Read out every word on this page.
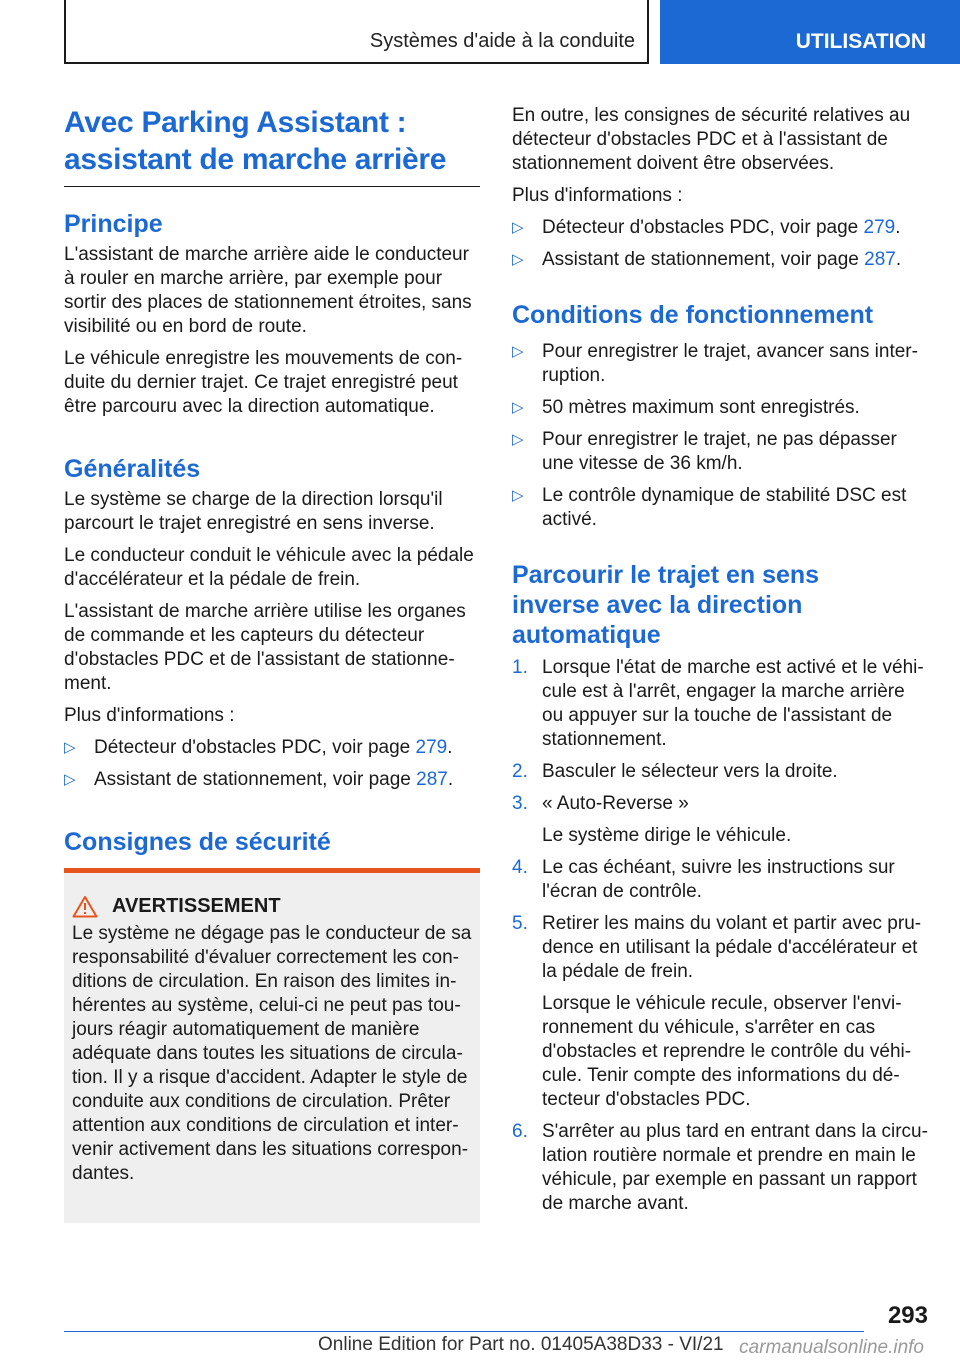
Systèmes d'aide à la conduite	UTILISATION
Avec Parking Assistant : assistant de marche arrière
Principe

L'assistant de marche arrière aide le conducteur à rouler en marche arrière, par exemple pour sortir des places de stationnement étroites, sans visibilité ou en bord de route.

Le véhicule enregistre les mouvements de conduite du dernier trajet. Ce trajet enregistré peut être parcouru avec la direction automatique.

Généralités

Le système se charge de la direction lorsqu'il parcourt le trajet enregistré en sens inverse.

Le conducteur conduit le véhicule avec la pédale d'accélérateur et la pédale de frein.

L'assistant de marche arrière utilise les organes de commande et les capteurs du détecteur d'obstacles PDC et de l'assistant de stationnement.

Plus d'informations :

▷ Détecteur d'obstacles PDC, voir page 279.
▷ Assistant de stationnement, voir page 287.
Consignes de sécurité
AVERTISSEMENT

Le système ne dégage pas le conducteur de sa responsabilité d'évaluer correctement les conditions de circulation. En raison des limites inhérentes au système, celui-ci ne peut pas toujours réagir automatiquement de manière adéquate dans toutes les situations de circulation. Il y a risque d'accident. Adapter le style de conduite aux conditions de circulation. Prêter attention aux conditions de circulation et intervenir activement dans les situations correspondantes.

En outre, les consignes de sécurité relatives au détecteur d'obstacles PDC et à l'assistant de stationnement doivent être observées.

Plus d'informations :

▷ Détecteur d'obstacles PDC, voir page 279.
▷ Assistant de stationnement, voir page 287.
Conditions de fonctionnement
▷ Pour enregistrer le trajet, avancer sans interruption.
▷ 50 mètres maximum sont enregistrés.
▷ Pour enregistrer le trajet, ne pas dépasser une vitesse de 36 km/h.
▷ Le contrôle dynamique de stabilité DSC est activé.
Parcourir le trajet en sens inverse avec la direction automatique
1. Lorsque l'état de marche est activé et le véhicule est à l'arrêt, engager la marche arrière ou appuyer sur la touche de l'assistant de stationnement.
2. Basculer le sélecteur vers la droite.
3. « Auto-Reverse »
Le système dirige le véhicule.
4. Le cas échéant, suivre les instructions sur l'écran de contrôle.
5. Retirer les mains du volant et partir avec prudence en utilisant la pédale d'accélérateur et la pédale de frein.
Lorsque le véhicule recule, observer l'environnement du véhicule, s'arrêter en cas d'obstacles et reprendre le contrôle du véhicule. Tenir compte des informations du détecteur d'obstacles PDC.
6. S'arrêter au plus tard en entrant dans la circulation routière normale et prendre en main le véhicule, par exemple en passant un rapport de marche avant.
293
Online Edition for Part no. 01405A38D33 - VI/21 carmanualsonline.info
